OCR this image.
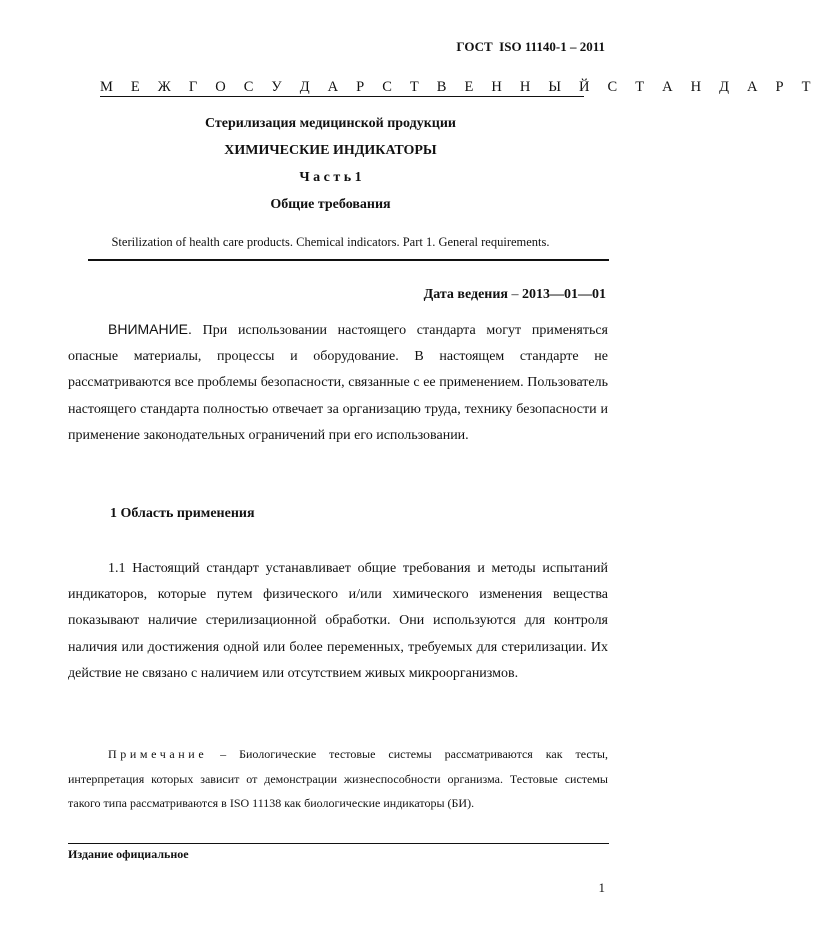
ГОСТ  ISO 11140-1 – 2011
М Е Ж Г О С У Д А Р С Т В Е Н Н Ы Й С Т А Н Д А Р Т
Стерилизация медицинской продукции
ХИМИЧЕСКИЕ ИНДИКАТОРЫ
Ч а с т ь 1
Общие требования
Sterilization of health care products. Chemical indicators. Part 1. General requirements.
Дата ведения – 2013—01—01
ВНИМАНИЕ. При использовании настоящего стандарта могут применяться опасные материалы, процессы и оборудование. В настоящем стандарте не рассматриваются все проблемы безопасности, связанные с ее применением. Пользователь настоящего стандарта полностью отвечает за организацию труда, технику безопасности и применение законодательных ограничений при его использовании.
1 Область применения
1.1 Настоящий стандарт устанавливает общие требования и методы испытаний индикаторов, которые путем физического и/или химического изменения вещества показывают наличие стерилизационной обработки. Они используются для контроля наличия или достижения одной или более переменных, требуемых для стерилизации. Их действие не связано с наличием или отсутствием живых микроорганизмов.
Примечание – Биологические тестовые системы рассматриваются как тесты, интерпретация которых зависит от демонстрации жизнеспособности организма. Тестовые системы такого типа рассматриваются в ISO 11138 как биологические индикаторы (БИ).
Издание официальное
1
